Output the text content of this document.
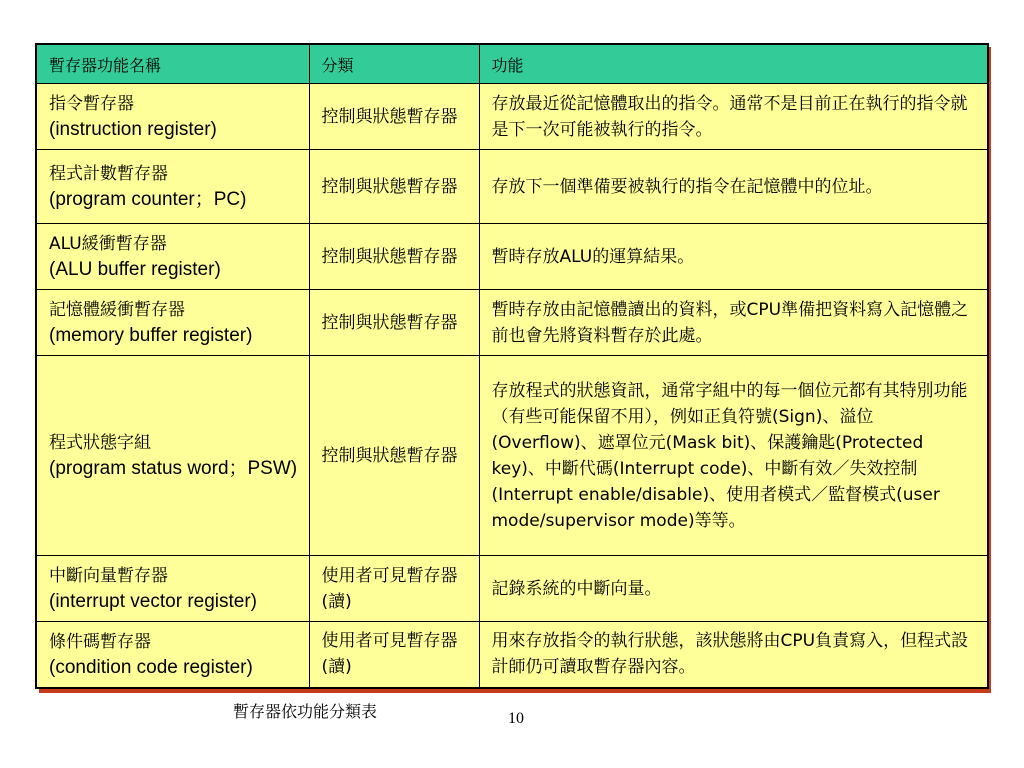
暫存器功能名稱	分類	功能

指令暫存器
(instruction register)	控制與狀態暫存器	存放最近從記憶體取出的指令。通常不是目前正在執行的指令就是下一次可能被執行的指令。

程式計數暫存器
(program counter；PC)	控制與狀態暫存器	存放下一個準備要被執行的指令在記憶體中的位址。

ALU緩衝暫存器
(ALU buffer register)	控制與狀態暫存器	暫時存放ALU的運算結果。

記憶體緩衝暫存器
(memory buffer register)	控制與狀態暫存器	暫時存放由記憶體讀出的資料，或CPU準備把資料寫入記憶體之前也會先將資料暫存於此處。

程式狀態字組
(program status word；PSW)	控制與狀態暫存器	存放程式的狀態資訊，通常字組中的每一個位元都有其特別功能（有些可能保留不用），例如正負符號(Sign)、溢位(Overflow)、遮罩位元(Mask bit)、保護鑰匙(Protected key)、中斷代碼(Interrupt code)、中斷有效／失效控制(Interrupt enable/disable)、使用者模式／監督模式(user mode/supervisor mode)等等。

中斷向量暫存器
(interrupt vector register)	使用者可見暫存器(讀)	記錄系統的中斷向量。

條件碼暫存器
(condition code register)	使用者可見暫存器(讀)	用來存放指令的執行狀態，該狀態將由CPU負責寫入，但程式設計師仍可讀取暫存器內容。
暫存器依功能分類表	10
